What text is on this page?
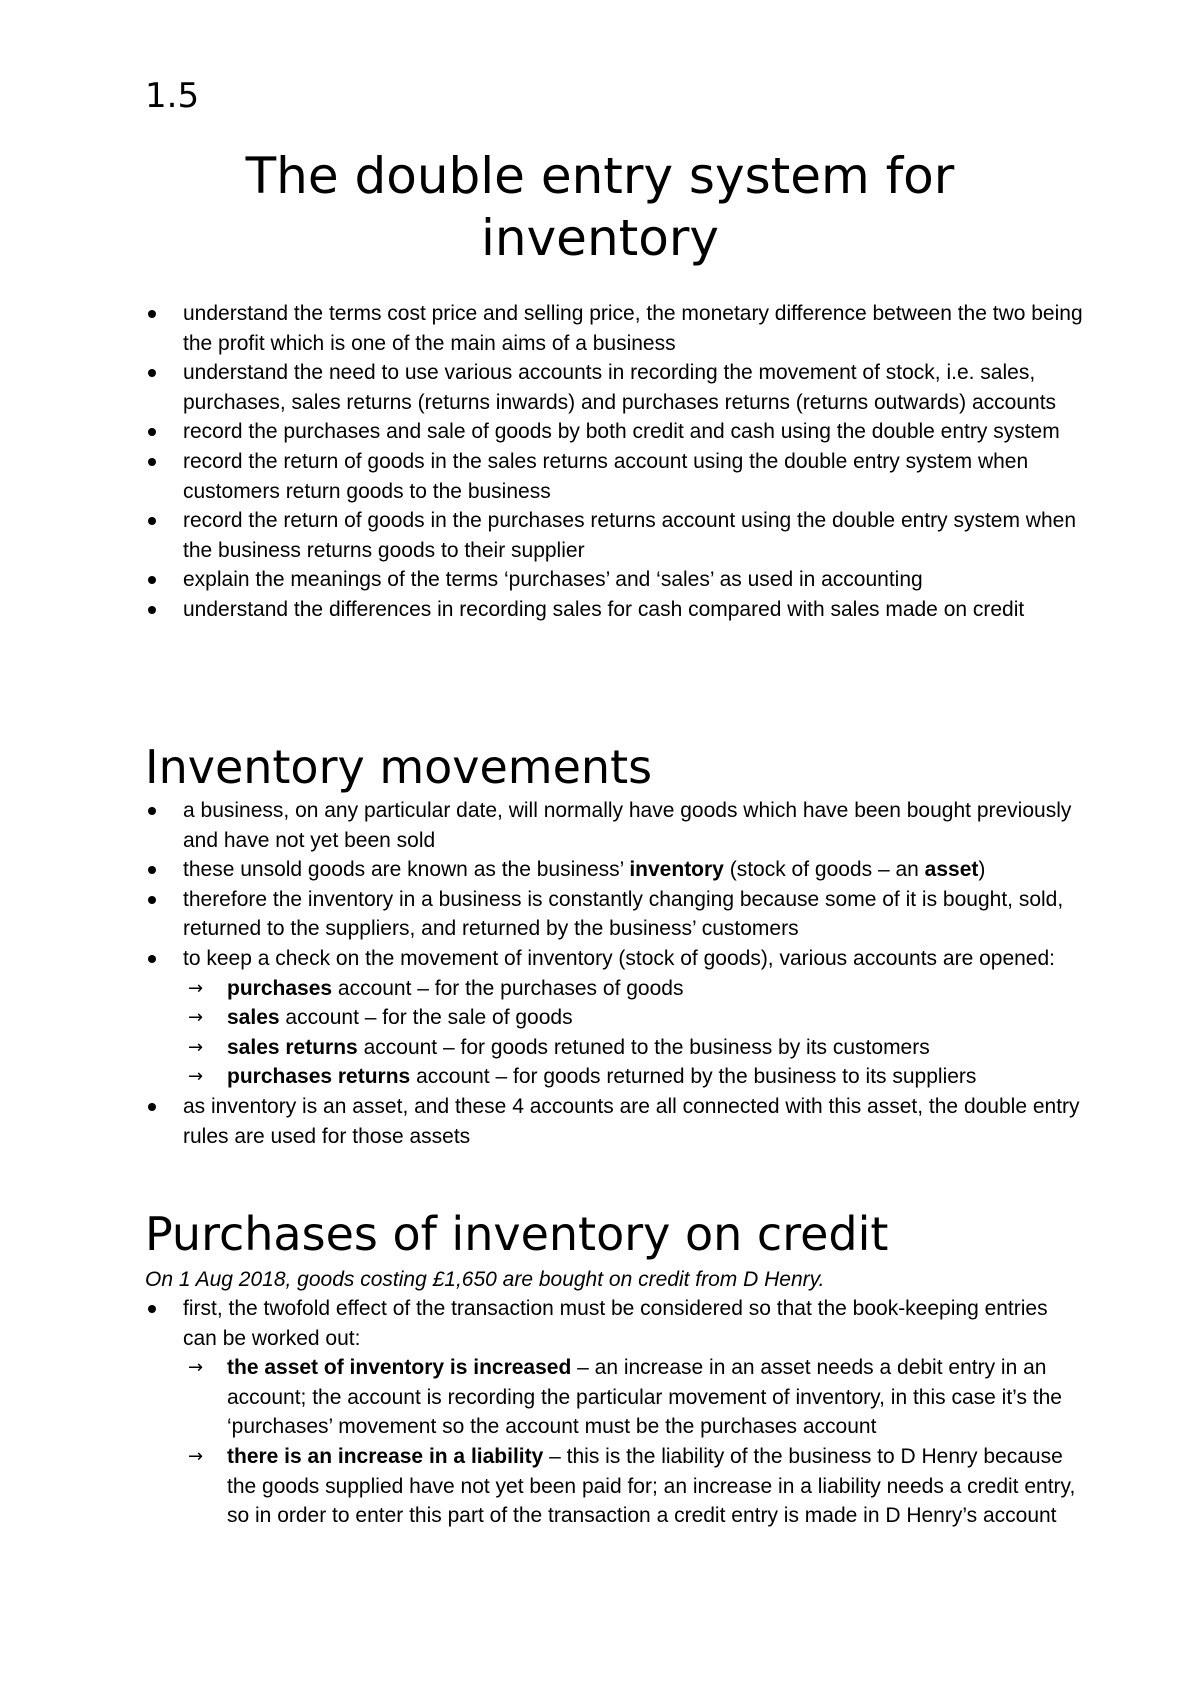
1.5
The double entry system for inventory
understand the terms cost price and selling price, the monetary difference between the two being the profit which is one of the main aims of a business
understand the need to use various accounts in recording the movement of stock, i.e. sales, purchases, sales returns (returns inwards) and purchases returns (returns outwards) accounts
record the purchases and sale of goods by both credit and cash using the double entry system
record the return of goods in the sales returns account using the double entry system when customers return goods to the business
record the return of goods in the purchases returns account using the double entry system when the business returns goods to their supplier
explain the meanings of the terms ‘purchases’ and ‘sales’ as used in accounting
understand the differences in recording sales for cash compared with sales made on credit
Inventory movements
a business, on any particular date, will normally have goods which have been bought previously and have not yet been sold
these unsold goods are known as the business’ inventory (stock of goods – an asset)
therefore the inventory in a business is constantly changing because some of it is bought, sold, returned to the suppliers, and returned by the business’ customers
to keep a check on the movement of inventory (stock of goods), various accounts are opened:
→ purchases account – for the purchases of goods
→ sales account – for the sale of goods
→ sales returns account – for goods retuned to the business by its customers
→ purchases returns account – for goods returned by the business to its suppliers
as inventory is an asset, and these 4 accounts are all connected with this asset, the double entry rules are used for those assets
Purchases of inventory on credit
On 1 Aug 2018, goods costing £1,650 are bought on credit from D Henry.
first, the twofold effect of the transaction must be considered so that the book-keeping entries can be worked out:
→ the asset of inventory is increased – an increase in an asset needs a debit entry in an account; the account is recording the particular movement of inventory, in this case it’s the ‘purchases’ movement so the account must be the purchases account
→ there is an increase in a liability – this is the liability of the business to D Henry because the goods supplied have not yet been paid for; an increase in a liability needs a credit entry, so in order to enter this part of the transaction a credit entry is made in D Henry’s account
